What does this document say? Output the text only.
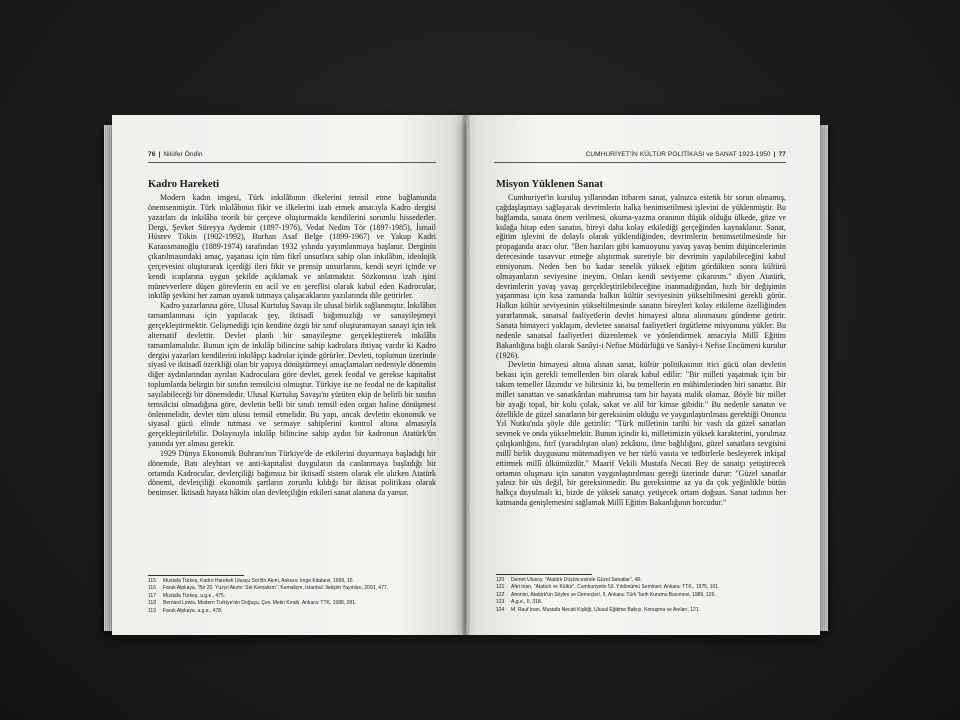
76 | Nilüfer Öndin
Kadro Hareketi

Modern kadın imgesi, Türk inkılâbının ilkelerini temsil etme bağlamında önemsenmiştir. Türk inkılâbının fikir ve ilkelerini izah etmek amacıyla Kadro dergisi yazarları da inkılâba teorik bir çerçeve oluşturmakla kendilerini sorumlu hissederler. Dergi, Şevket Süreyya Aydemir (1897-1976), Vedat Nedim Tör (1897-1985), İsmail Hüsrev Tökin (1902-1992), Burhan Asaf Belge (1899-1967) ve Yakup Kadri Karaosmanoğlu (1889-1974) tarafından 1932 yılında yayımlanmaya başlanır. Derginin çıkarılmasındaki amaç, yaşanası için tüm fikrî unsurlara sahip olan inkılâbın, ideolojik çerçevesini oluşturarak içerdiği ileri fikir ve prensip unsurlarını, kendi seyri içinde ve kendi icaplarına uygun şekilde açıklamak ve anlatmaktır. Sözkonusu izah işini münevverlere düşen görevlerin en acil ve en şereflisi olarak kabul eden Kadrocular, inkılâp şevkini her zaman uyanık tutmaya çalışacaklarını yazılarında dile getirirler.

Kadro yazarlarına göre, Ulusal Kurtuluş Savaşı ile ulusal birlik sağlanmıştır. İnkılâbın tamamlanması için yapılacak şey, iktisadî bağımsızlığı ve sanayileşmeyi gerçekleştirmektir. Gelişmediği için kendine özgü bir sınıf oluşturamayan sanayi için tek alternatif devlettir. Devlet planlı bir sanayileşme gerçekleştirerek inkılâbı tamamlamalıdır. Bunun için de inkılâp bilincine sahip kadrolara ihtiyaç vardır ki Kadro dergisi yazarları kendilerini inkılâpçı kadrolar içinde görürler. Devleti, toplumun üzerinde siyasî ve iktisadî özerkliği olan bir yapıya dönüştürmeyi amaçlamaları nedeniyle dönemin diğer aydınlarından ayrılan Kadroculara göre devlet, gerek feodal ve gerekse kapitalist toplumlarda belirgin bir sınıfın temsilcisi olmuştur. Türkiye ise ne feodal ne de kapitalist sayılabileceği bir dönemdedir. Ulusal Kurtuluş Savaşı'nı yürüten ekip de belirli bir sınıfın temsilcisi olmadığına göre, devletin belli bir sınıfı temsil eden organ haline dönüşmesi önlenmelidir, devlet tüm ulusu temsil etmelidir. Bu yapı, ancak devletin ekonomik ve siyasal gücü elinde tutması ve sermaye sahiplerini kontrol altına almasıyla gerçekleştirilebilir. Dolayısıyla inkılâp bilincine sahip aydın bir kadronun Atatürk'ün yanında yer alması gerekir.

1929 Dünya Ekonomik Buhranı'nın Türkiye'de de etkilerini duyurmaya başladığı bir dönemde, Batı aleyhtarı ve anti-kapitalist duyguların da canlanmaya başladığı bir ortamda Kadrocular, devletçiliği bağımsız bir iktisadî sistem olarak ele alırken Atatürk dönemi, devletçiliği ekonomik şartların zorunlu kıldığı bir iktisat politikası olarak benimser. İktisadi hayata hâkim olan devletçiliğin etkileri sanat alanına da yansır.

115	Mustafa Türkeş, Kadro Hareketi Ulusçu Sol Bir Akım, Ankara: İmge Kitabevi, 1999, 10.
116	Faruk Alpkaya, "Bir 20. Yüzyıl Akımı: Sol Kemalizm", Kemalizm, İstanbul: İletişim Yayınları, 2001, 477.
117	Mustafa Türkeş, a.g.e., 475.
118	Bernard Lewis, Modern Türkiye'nin Doğuşu, Çev. Metin Kıratlı, Ankara: TTK, 1988, 281.
119	Faruk Alpkaya, a.g.e., 478.
CUMHURİYET'İN KÜLTÜR POLİTİKASI ve SANAT 1923-1950 | 77
Misyon Yüklenen Sanat

Cumhuriyet'in kuruluş yıllarından itibaren sanat, yalnızca estetik bir sorun olmamış, çağdaşlaşmayı sağlayacak devrimlerin halka benimsetilmesi işlevini de yüklenmiştir. Bu bağlamda, sanata önem verilmesi, okuma-yazma oranının düşük olduğu ülkede, göze ve kulağa hitap eden sanatın, bireyi daha kolay etkilediği gerçeğinden kaynaklanır. Sanat, eğitim işlevini de dolaylı olarak yüklendiğinden, devrimlerin benimsetilmesinde bir propaganda aracı olur. "Ben hazıları gibi kamuoyunu yavaş yavaş benim düşüncelerimin derecesinde tasavvur etmeğe alıştırmak suretiyle bir devrimin yapılabileceğini kabul etmiyorum. Neden ben bu kadar senelik yüksek eğitim gördükten sonra kültürü olmayanların seviyesine ineyim. Onları kendi seviyeme çıkarırım." diyen Atatürk, devrimlerin yavaş yavaş gerçekleştirilebileceğine inanmadığından, hızlı bir değişimin yaşanması için kısa zamanda halkın kültür seviyesinin yükseltilmesini gerekli görür. Halkın kültür seviyesinin yükseltilmesinde sanatın bireyleri kolay etkileme özelliğinden yararlanmak, sanatsal faaliyetlerin devlet himayesi altına alınmasını gündeme getirir. Sanata himayeci yaklaşım, devletee sanatsal faaliyetleri örgütleme misyonunu yükler. Bu nedenle sanatsal faaliyetleri düzenlemek ve yönlendirmek amacıyla Millî Eğitim Bakanlığına bağlı olarak Sanâyi-i Nefise Müdürlüğü ve Sanâyi-i Nefise Encümeni kurulur (1926).

Devletin himayesi altına alınan sanat, kültür politikasının itici gücü olan devletin bekası için gerekli temellerden biri olarak kabul edilir: "Bir milleti yaşatmak için bir takım temeller lâzımdır ve bilirsiniz ki, bu temellerin en mühimlerinden biri sanattır. Bir millet sanattan ve sanatkârdan mahrumsa tam bir hayata malik olamaz. Böyle bir millet bir ayağı topal, bir kolu çolak, sakat ve alil bir kimse gibidir." Bu nedenle sanatın ve özellikle de güzel sanatların bir gereksinim olduğu ve yaygınlaştırılması gerektiği Onuncu Yıl Nutku'nda şöyle dile getirilir: "Türk milletinin tarihi bir vasfı da güzel sanatları sevmek ve onda yükselmektir. Bunun içindir ki, milletimizin yüksek karakterini, yorulmaz çalışkanlığını, fıtrî (yaradılıştan olan) zekâsını, ilme bağlılığını, güzel sanatlara sevgisini millî birlik duygusunu mütemadiyen ve her türlü vasıta ve tedbirlerle besleyerek inkişaf ettirmek millî ülkümüzdür." Maarif Vekili Mustafa Necati Bey de sanatçı yetiştirecek ortamın oluşması için sanatın yaygınlaştırılması gereği üzerinde durur: "Güzel sanatlar yalnız bir süs değil, bir gereksinmedir. Bu gereksinme az ya da çok yeğinlikle bütün halkça duyulmalı ki, bizde de yüksek sanatçı yetişecek ortam doğsun. Sanat tadının her katmanda genişlemesini sağlamak Millî Eğitim Bakanlığının borcudur."

120	Demet Ulusoy, "Atatürk Düşüncesinde Güzel Sanatlar", 48.
121	Afet İnan, "Atatürk ve Kültür", Cumhuriyetin 50. Yıldönümü Semineri, Ankara: TTK., 1975, 101.
122	Anonim, Atatürk'ün Söylev ve Demeçleri, II, Ankara: Türk Tarih Kurumu Basımevi, 1989, 129.
123	A.g.e., II, 318.
124	M. Rauf İnan, Mustafa Necati Kişiliği, Ulusal Eğitime Bakışı, Konuşma ve Anıları, 121.
